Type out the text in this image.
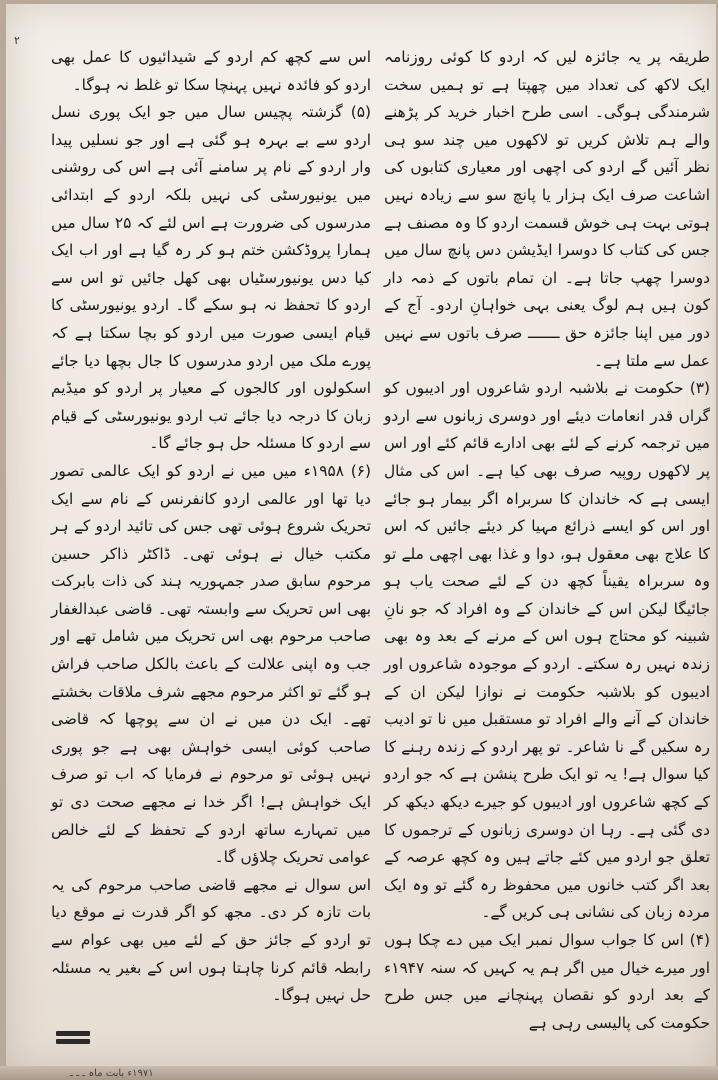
۲

طریقہ پر یہ جائزہ لیں کہ اردو کا کوئی روزنامہ ایک لاکھ کی تعداد میں چھپتا ہے تو ہمیں سخت شرمندگی ہوگی۔ اسی طرح اخبار خرید کر پڑھنے والے ہم تلاش کریں تو لاکھوں میں چند سو ہی نظر آئیں گے اردو کی اچھی اور معیاری کتابوں کی اشاعت صرف ایک ہزار یا پانچ سو سے زیادہ نہیں ہوتی بہت ہی خوش قسمت اردو کا وہ مصنف ہے جس کی کتاب کا دوسرا ایڈیشن دس پانچ سال میں دوسرا چھپ جاتا ہے۔ ان تمام باتوں کے ذمہ دار کون ہیں ہم لوگ یعنی بہی خواہانِ اردو۔ آج کے دور میں اپنا جائزہ حق ـــــــ صرف باتوں سے نہیں عمل سے ملتا ہے۔

(۳) حکومت نے بلاشبہ اردو شاعروں اور ادیبوں کو گراں قدر انعامات دیئے اور دوسری زبانوں سے اردو میں ترجمہ کرنے کے لئے بھی ادارے قائم کئے اور اس پر لاکھوں روپیہ صرف بھی کیا ہے۔ اس کی مثال ایسی ہے کہ خاندان کا سربراہ اگر بیمار ہو جائے اور اس کو ایسے ذرائع مہیا کر دیئے جائیں کہ اس کا علاج بھی معقول ہو، دوا و غذا بھی اچھی ملے تو وہ سربراہ یقیناً کچھ دن کے لئے صحت یاب ہو جائیگا لیکن اس کے خاندان کے وہ افراد کہ جو نانِ شبینہ کو محتاج ہوں اس کے مرنے کے بعد وہ بھی زندہ نہیں رہ سکتے۔ اردو کے موجودہ شاعروں اور ادیبوں کو بلاشبہ حکومت نے نوازا لیکن ان کے خاندان کے آنے والے افراد تو مستقبل میں نا تو ادیب رہ سکیں گے نا شاعر۔ تو پھر اردو کے زندہ رہنے کا کیا سوال ہے! یہ تو ایک طرح پنشن ہے کہ جو اردو کے کچھ شاعروں اور ادیبوں کو جیرے دیکھ دیکھ کر دی گئی ہے۔ رہا ان دوسری زبانوں کے ترجموں کا تعلق جو اردو میں کئے جاتے ہیں وہ کچھ عرصہ کے بعد اگر کتب خانوں میں محفوظ رہ گئے تو وہ ایک مردہ زبان کی نشانی ہی کریں گے۔

(۴) اس کا جواب سوال نمبر ایک میں دے چکا ہوں اور میرے خیال میں اگر ہم یہ کہیں کہ سنہ ۱۹۴۷ء کے بعد اردو کو نقصان پہنچانے میں جس طرح حکومت کی پالیسی رہی ہے

اس سے کچھ کم اردو کے شیدائیوں کا عمل بھی اردو کو فائدہ نہیں پہنچا سکا تو غلط نہ ہوگا۔

(۵) گزشتہ پچیس سال میں جو ایک پوری نسل اردو سے بے بہرہ ہو گئی ہے اور جو نسلیں پیدا وار اردو کے نام پر سامنے آئی ہے اس کی روشنی میں یونیورسٹی کی نہیں بلکہ اردو کے ابتدائی مدرسوں کی ضرورت ہے اس لئے کہ ۲۵ سال میں ہمارا پروڈکشن ختم ہو کر رہ گیا ہے اور اب ایک کیا دس یونیورسٹیاں بھی کھل جائیں تو اس سے اردو کا تحفظ نہ ہو سکے گا۔ اردو یونیورسٹی کا قیام ایسی صورت میں اردو کو بچا سکتا ہے کہ پورے ملک میں اردو مدرسوں کا جال بچھا دیا جائے اسکولوں اور کالجوں کے معیار پر اردو کو میڈیم زبان کا درجہ دیا جائے تب اردو یونیورسٹی کے قیام سے اردو کا مسئلہ حل ہو جائے گا۔

(۶) ۱۹۵۸ء میں میں نے اردو کو ایک عالمی تصور دیا تھا اور عالمی اردو کانفرنس کے نام سے ایک تحریک شروع ہوئی تھی جس کی تائید اردو کے ہر مکتب خیال نے ہوئی تھی۔ ڈاکٹر ذاکر حسین مرحوم سابق صدر جمہوریہ ہند کی ذات بابرکت بھی اس تحریک سے وابستہ تھی۔ قاضی عبدالغفار صاحب مرحوم بھی اس تحریک میں شامل تھے اور جب وہ اپنی علالت کے باعث بالکل صاحب فراش ہو گئے تو اکثر مرحوم مجھے شرف ملاقات بخشتے تھے۔ ایک دن میں نے ان سے پوچھا کہ قاضی صاحب کوئی ایسی خواہش بھی ہے جو پوری نہیں ہوئی تو مرحوم نے فرمایا کہ اب تو صرف ایک خواہش ہے! اگر خدا نے مجھے صحت دی تو میں تمہارے ساتھ اردو کے تحفظ کے لئے خالص عوامی تحریک چلاؤں گا۔

اس سوال نے مجھے قاضی صاحب مرحوم کی یہ بات تازہ کر دی۔ مجھ کو اگر قدرت نے موقع دیا تو اردو کے جائز حق کے لئے میں بھی عوام سے رابطہ قائم کرنا چاہتا ہوں اس کے بغیر یہ مسئلہ حل نہیں ہوگا۔

۱۹۷۱ء بابت ماہ ـ ـ ـ
